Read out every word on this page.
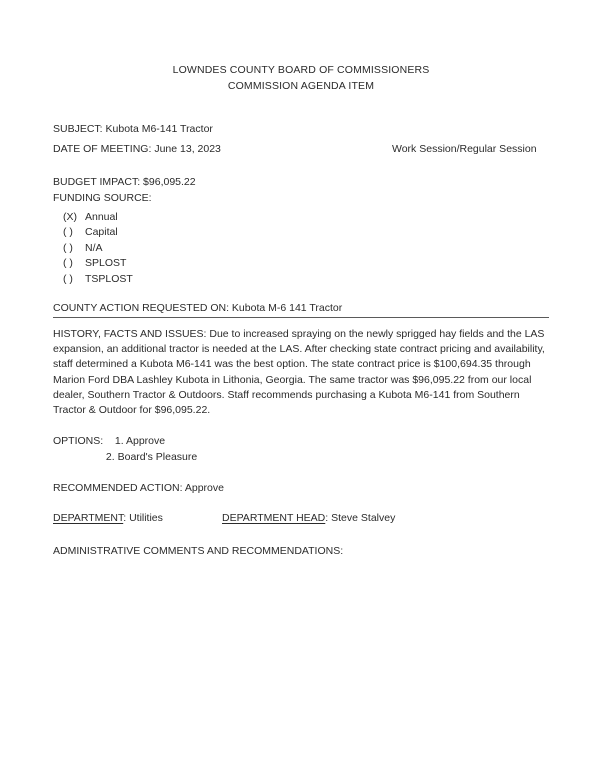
LOWNDES COUNTY BOARD OF COMMISSIONERS
COMMISSION AGENDA ITEM
SUBJECT: Kubota M6-141 Tractor
DATE OF MEETING: June 13, 2023	Work Session/Regular Session
BUDGET IMPACT: $96,095.22
FUNDING SOURCE:
(X) Annual
( )	Capital
( )	N/A
( )	SPLOST
( )	TSPLOST
COUNTY ACTION REQUESTED ON: Kubota M-6 141 Tractor
HISTORY, FACTS AND ISSUES: Due to increased spraying on the newly sprigged hay fields and the LAS expansion, an additional tractor is needed at the LAS. After checking state contract pricing and availability, staff determined a Kubota M6-141 was the best option. The state contract price is $100,694.35 through Marion Ford DBA Lashley Kubota in Lithonia, Georgia. The same tractor was $96,095.22 from our local dealer, Southern Tractor & Outdoors. Staff recommends purchasing a Kubota M6-141 from Southern Tractor & Outdoor for $96,095.22.
OPTIONS: 1. Approve
2. Board's Pleasure
RECOMMENDED ACTION: Approve
DEPARTMENT: Utilities	DEPARTMENT HEAD: Steve Stalvey
ADMINISTRATIVE COMMENTS AND RECOMMENDATIONS:
